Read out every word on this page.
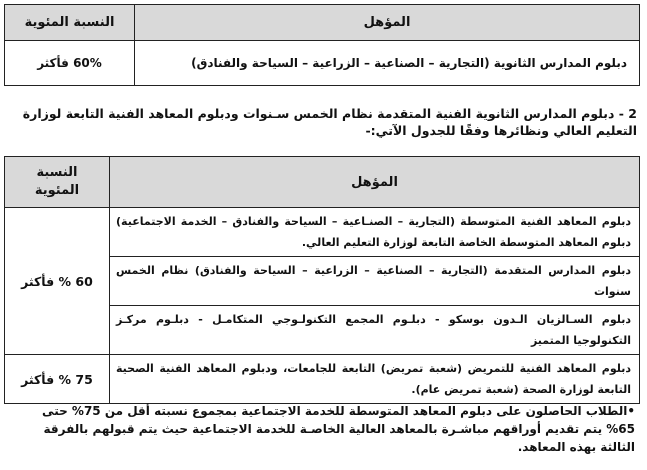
المؤهل	النسبة المئوية
دبلوم المدارس الثانوية (التجارية – الصناعية – الزراعية – السياحة والفنادق)	60% فأكثر
2 - دبلوم المدارس الثانوية الفنية المتقدمة نظام الخمس سـنوات ودبلوم المعاهد الفنية التابعة لوزارة التعليم العالي ونظائرها وفقًا للجدول الآتي:-
المؤهل	النسبة المئوية
دبلوم المعاهد الفنية المتوسطة (التجارية – الصنـاعية – السياحة والفنادق – الخدمة الاجتماعية) دبلوم المعاهد المتوسطة الخاصة التابعة لوزارة التعليم العالي.	60 % فأكثر
دبلوم المدارس المتقدمة (التجارية – الصناعية – الزراعية – السياحة والفنادق) نظام الخمس سنوات	
دبلوم السـالزيان الـدون بوسكو - دبلـوم المجمع التكنولـوجي المتكامـل - دبلـوم مركـز التكنولوجيا المتميز	
دبلوم المعاهد الفنية للتمريض (شعبة تمريض) التابعة للجامعات، ودبلوم المعاهد الفنية الصحية التابعة لوزارة الصحة (شعبة تمريض عام).	75 % فأكثر
•الطلاب الحاصلون على دبلوم المعاهد المتوسطة للخدمة الاجتماعية بمجموع نسبته أقل من 75% حتى 65% يتم تقديم أوراقهم مباشـرة بالمعاهد العالية الخاصـة للخدمة الاجتماعية حيث يتم قبولهم بالفرقة الثالثة بهذه المعاهد.
